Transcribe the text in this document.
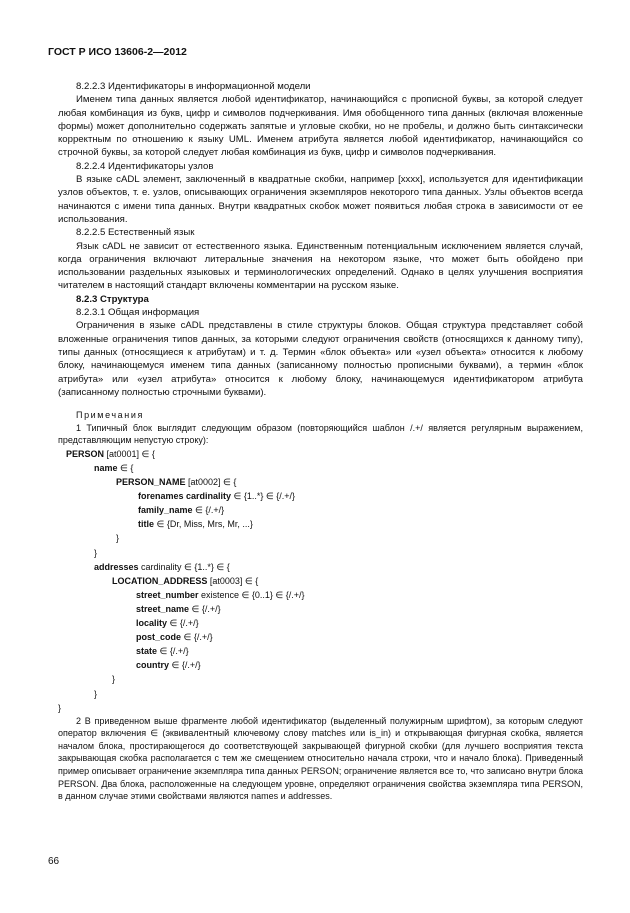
ГОСТ Р ИСО 13606-2—2012

8.2.2.3 Идентификаторы в информационной модели

Именем типа данных является любой идентификатор, начинающийся с прописной буквы, за которой следует любая комбинация из букв, цифр и символов подчеркивания. Имя обобщенного типа данных (включая вложенные формы) может дополнительно содержать запятые и угловые скобки, но не пробелы, и должно быть синтаксически корректным по отношению к языку UML. Именем атрибута является любой идентификатор, начинающийся со строчной буквы, за которой следует любая комбинация из букв, цифр и символов подчеркивания.

8.2.2.4 Идентификаторы узлов

В языке cADL элемент, заключенный в квадратные скобки, например [xxxx], используется для идентификации узлов объектов, т. е. узлов, описывающих ограничения экземпляров некоторого типа данных. Узлы объектов всегда начинаются с имени типа данных. Внутри квадратных скобок может появиться любая строка в зависимости от ее использования.

8.2.2.5 Естественный язык

Язык cADL не зависит от естественного языка. Единственным потенциальным исключением является случай, когда ограничения включают литеральные значения на некотором языке, что может быть обойдено при использовании раздельных языковых и терминологических определений. Однако в целях улучшения восприятия читателем в настоящий стандарт включены комментарии на русском языке.

8.2.3 Структура

8.2.3.1 Общая информация

Ограничения в языке cADL представлены в стиле структуры блоков. Общая структура представляет собой вложенные ограничения типов данных, за которыми следуют ограничения свойств (относящихся к данному типу), типы данных (относящиеся к атрибутам) и т. д. Термин «блок объекта» или «узел объекта» относится к любому блоку, начинающемуся именем типа данных (записанному полностью прописными буквами), а термин «блок атрибута» или «узел атрибута» относится к любому блоку, начинающемуся идентификатором атрибута (записанному полностью строчными буквами).

Примечания

1 Типичный блок выглядит следующим образом (повторяющийся шаблон /.+/ является регулярным выражением, представляющим непустую строку):

PERSON [at0001] ∈ {
name ∈ {
PERSON_NAME [at0002] ∈ {
forenames cardinality ∈ {1..*} ∈ {/.+/}
family_name ∈ {/.+/}
title ∈ {Dr, Miss, Mrs, Mr, ...}
}
}
addresses cardinality ∈ {1..*} ∈ {
LOCATION_ADDRESS [at0003] ∈ {
street_number existence ∈ {0..1} ∈ {/.+/}
street_name ∈ {/.+/}
locality ∈ {/.+/}
post_code ∈ {/.+/}
state ∈ {/.+/}
country ∈ {/.+/}
}
}
}

2 В приведенном выше фрагменте любой идентификатор (выделенный полужирным шрифтом), за которым следуют оператор включения ∈ (эквивалентный ключевому слову matches или is_in) и открывающая фигурная скобка, является началом блока, простирающегося до соответствующей закрывающей фигурной скобки (для лучшего восприятия текста закрывающая скобка располагается с тем же смещением относительно начала строки, что и начало блока). Приведенный пример описывает ограничение экземпляра типа данных PERSON; ограничение является все то, что записано внутри блока PERSON. Два блока, расположенные на следующем уровне, определяют ограничения свойства экземпляра типа PERSON, в данном случае этими свойствами являются names и addresses.

66
